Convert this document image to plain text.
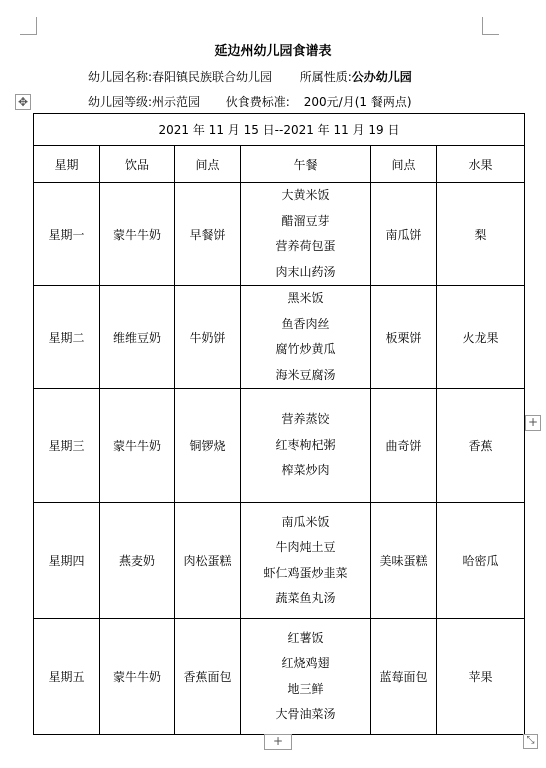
延边州幼儿园食谱表
幼儿园名称:春阳镇民族联合幼儿园 所属性质:公办幼儿园
✥	幼儿园等级:州示范园 伙食费标准: 200元/月(1 餐两点)
2021 年 11 月 15 日--2021 年 11 月 19 日					
星期	饮品	间点	午餐	间点	水果
星期一	蒙牛牛奶	早餐饼	大黄米饭
醋溜豆芽
营养荷包蛋
肉末山药汤	南瓜饼	梨
星期二	维维豆奶	牛奶饼	黑米饭
鱼香肉丝
腐竹炒黄瓜
海米豆腐汤	板栗饼	火龙果
星期三	蒙牛牛奶	铜锣烧	营养蒸饺
红枣枸杞粥
榨菜炒肉	曲奇饼	香蕉
星期四	燕麦奶	肉松蛋糕	南瓜米饭
牛肉炖土豆
虾仁鸡蛋炒韭菜
蔬菜鱼丸汤	美味蛋糕	哈密瓜
星期五	蒙牛牛奶	香蕉面包	红薯饭
红烧鸡翅
地三鲜
大骨油菜汤	蓝莓面包	苹果
+
+	⤡
